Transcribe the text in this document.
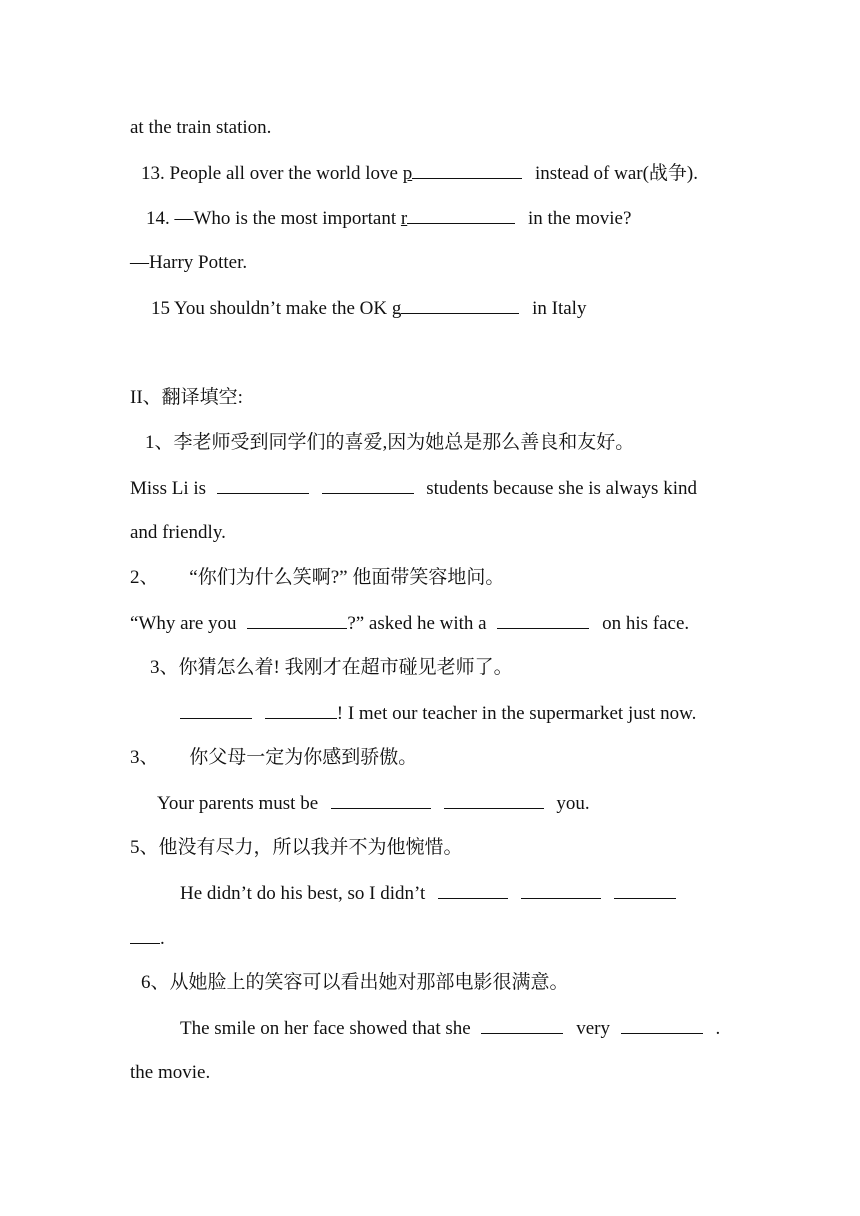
at the train station.
13. People all over the world love p	instead of war(战争).
14. —Who is the most important r	in the movie?
—Harry Potter.
15 You shouldn’t make the OK g	in Italy
II、翻译填空:
1、李老师受到同学们的喜爱,因为她总是那么善良和友好。
Miss Li is	students because she is always kind
and friendly.
2、 “你们为什么笑啊?” 他面带笑容地问。
“Why are you	?” asked he with a	on his face.
3、你猜怎么着! 我刚才在超市碰见老师了。
! I met our teacher in the supermarket just now.
3、 你父母一定为你感到骄傲。
Your parents must be	you.
5、他没有尽力，所以我并不为他惋惜。
He didn’t do his best, so I didn’t
.
6、从她脸上的笑容可以看出她对那部电影很满意。
The smile on her face showed that she	very	.
the movie.
